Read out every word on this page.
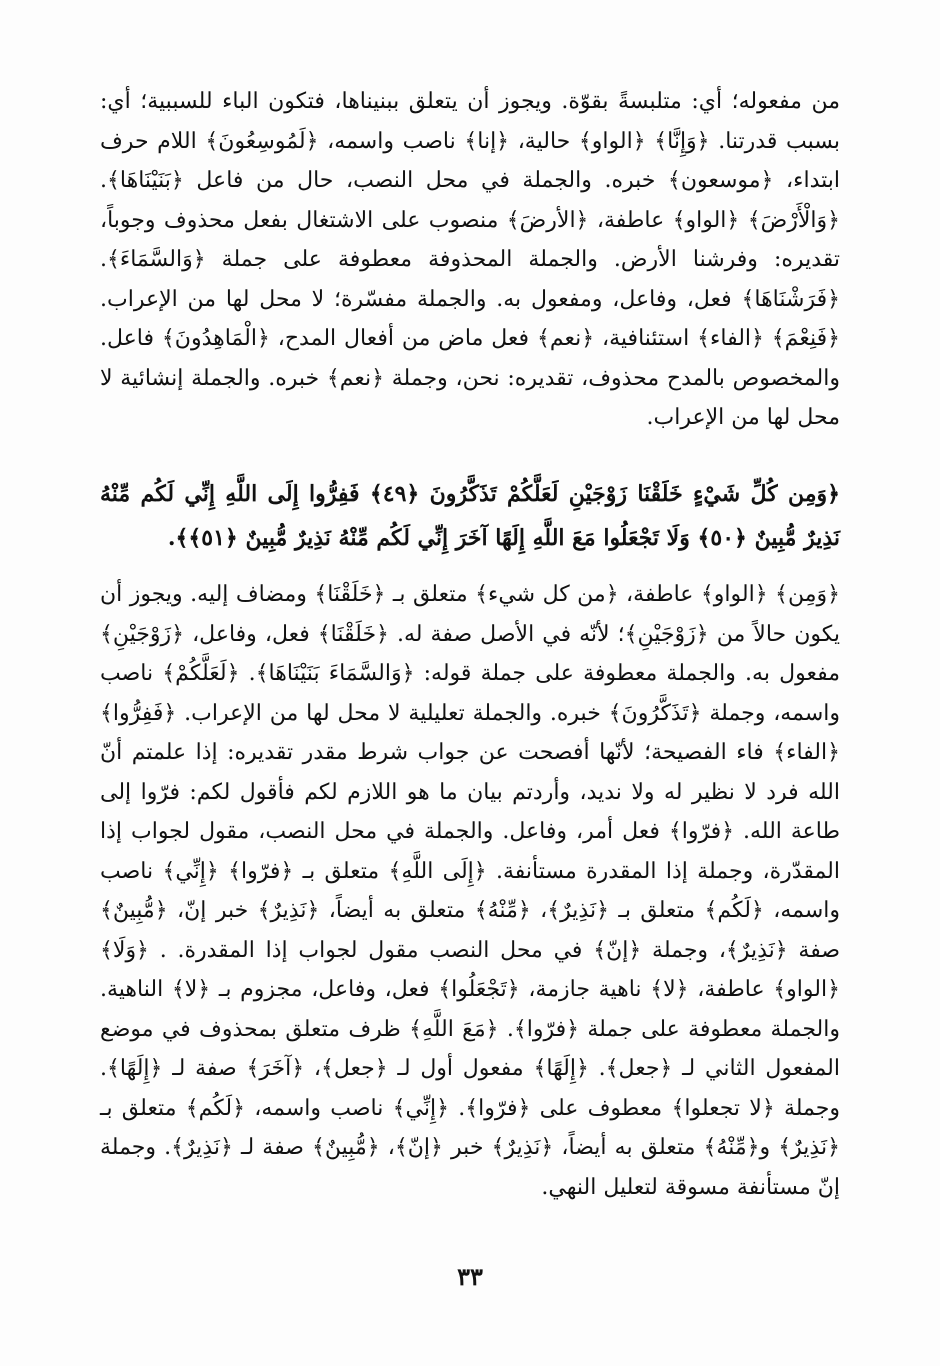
من مفعوله؛ أي: متلبسةً بقوّة. ويجوز أن يتعلق ببنيناها، فتكون الباء للسببية؛ أي: بسبب قدرتنا. ﴿وَإِنَّا﴾ ﴿الواو﴾ حالية، ﴿إنا﴾ ناصب واسمه، ﴿لَمُوسِعُونَ﴾ اللام حرف ابتداء، ﴿موسعون﴾ خبره. والجملة في محل النصب، حال من فاعل ﴿بَنَيْنَاهَا﴾. ﴿وَالْأَرْضَ﴾ ﴿الواو﴾ عاطفة، ﴿الأرضَ﴾ منصوب على الاشتغال بفعل محذوف وجوباً، تقديره: وفرشنا الأرض. والجملة المحذوفة معطوفة على جملة ﴿وَالسَّمَاءَ﴾. ﴿فَرَشْنَاهَا﴾ فعل، وفاعل، ومفعول به. والجملة مفسّرة؛ لا محل لها من الإعراب. ﴿فَنِعْمَ﴾ ﴿الفاء﴾ استئنافية، ﴿نعم﴾ فعل ماض من أفعال المدح، ﴿الْمَاهِدُونَ﴾ فاعل. والمخصوص بالمدح محذوف، تقديره: نحن، وجملة ﴿نعم﴾ خبره. والجملة إنشائية لا محل لها من الإعراب.

﴿وَمِن كُلِّ شَيْءٍ خَلَقْنَا زَوْجَيْنِ لَعَلَّكُمْ تَذَكَّرُونَ ﴿٤٩﴾ فَفِرُّوا إِلَى اللَّهِ إِنِّي لَكُم مِّنْهُ نَذِيرٌ مُّبِينٌ ﴿٥٠﴾ وَلَا تَجْعَلُوا مَعَ اللَّهِ إِلَهًا آخَرَ إِنِّي لَكُم مِّنْهُ نَذِيرٌ مُّبِينٌ ﴿٥١﴾﴾.

﴿وَمِن﴾ ﴿الواو﴾ عاطفة، ﴿من كل شيء﴾ متعلق بـ ﴿خَلَقْنَا﴾ ومضاف إليه. ويجوز أن يكون حالاً من ﴿زَوْجَيْنِ﴾؛ لأنّه في الأصل صفة له. ﴿خَلَقْنَا﴾ فعل، وفاعل، ﴿زَوْجَيْنِ﴾ مفعول به. والجملة معطوفة على جملة قوله: ﴿وَالسَّمَاءَ بَنَيْنَاهَا﴾. ﴿لَعَلَّكُمْ﴾ ناصب واسمه، وجملة ﴿تَذَكَّرُونَ﴾ خبره. والجملة تعليلية لا محل لها من الإعراب. ﴿فَفِرُّوا﴾ ﴿الفاء﴾ فاء الفصيحة؛ لأنّها أفصحت عن جواب شرط مقدر تقديره: إذا علمتم أنّ الله فرد لا نظير له ولا نديد، وأردتم بيان ما هو اللازم لكم فأقول لكم: فرّوا إلى طاعة الله. ﴿فرّوا﴾ فعل أمر، وفاعل. والجملة في محل النصب، مقول لجواب إذا المقدّرة، وجملة إذا المقدرة مستأنفة. ﴿إِلَى اللَّهِ﴾ متعلق بـ ﴿فرّوا﴾ ﴿إِنِّي﴾ ناصب واسمه، ﴿لَكُم﴾ متعلق بـ ﴿نَذِيرٌ﴾، ﴿مِّنْهُ﴾ متعلق به أيضاً، ﴿نَذِيرٌ﴾ خبر إنّ، ﴿مُّبِينٌ﴾ صفة ﴿نَذِيرٌ﴾، وجملة ﴿إنّ﴾ في محل النصب مقول لجواب إذا المقدرة. . ﴿وَلَا﴾ ﴿الواو﴾ عاطفة، ﴿لا﴾ ناهية جازمة، ﴿تَجْعَلُوا﴾ فعل، وفاعل، مجزوم بـ ﴿لا﴾ الناهية. والجملة معطوفة على جملة ﴿فرّوا﴾. ﴿مَعَ اللَّهِ﴾ ظرف متعلق بمحذوف في موضع المفعول الثاني لـ ﴿جعل﴾. ﴿إِلَهًا﴾ مفعول أول لـ ﴿جعل﴾، ﴿آخَرَ﴾ صفة لـ ﴿إِلَهًا﴾. وجملة ﴿لا تجعلوا﴾ معطوف على ﴿فرّوا﴾. ﴿إِنِّي﴾ ناصب واسمه، ﴿لَكُم﴾ متعلق بـ ﴿نَذِيرٌ﴾ و﴿مِّنْهُ﴾ متعلق به أيضاً، ﴿نَذِيرٌ﴾ خبر ﴿إنّ﴾، ﴿مُّبِينٌ﴾ صفة لـ ﴿نَذِيرٌ﴾. وجملة إنّ مستأنفة مسوقة لتعليل النهي.

٣٣
